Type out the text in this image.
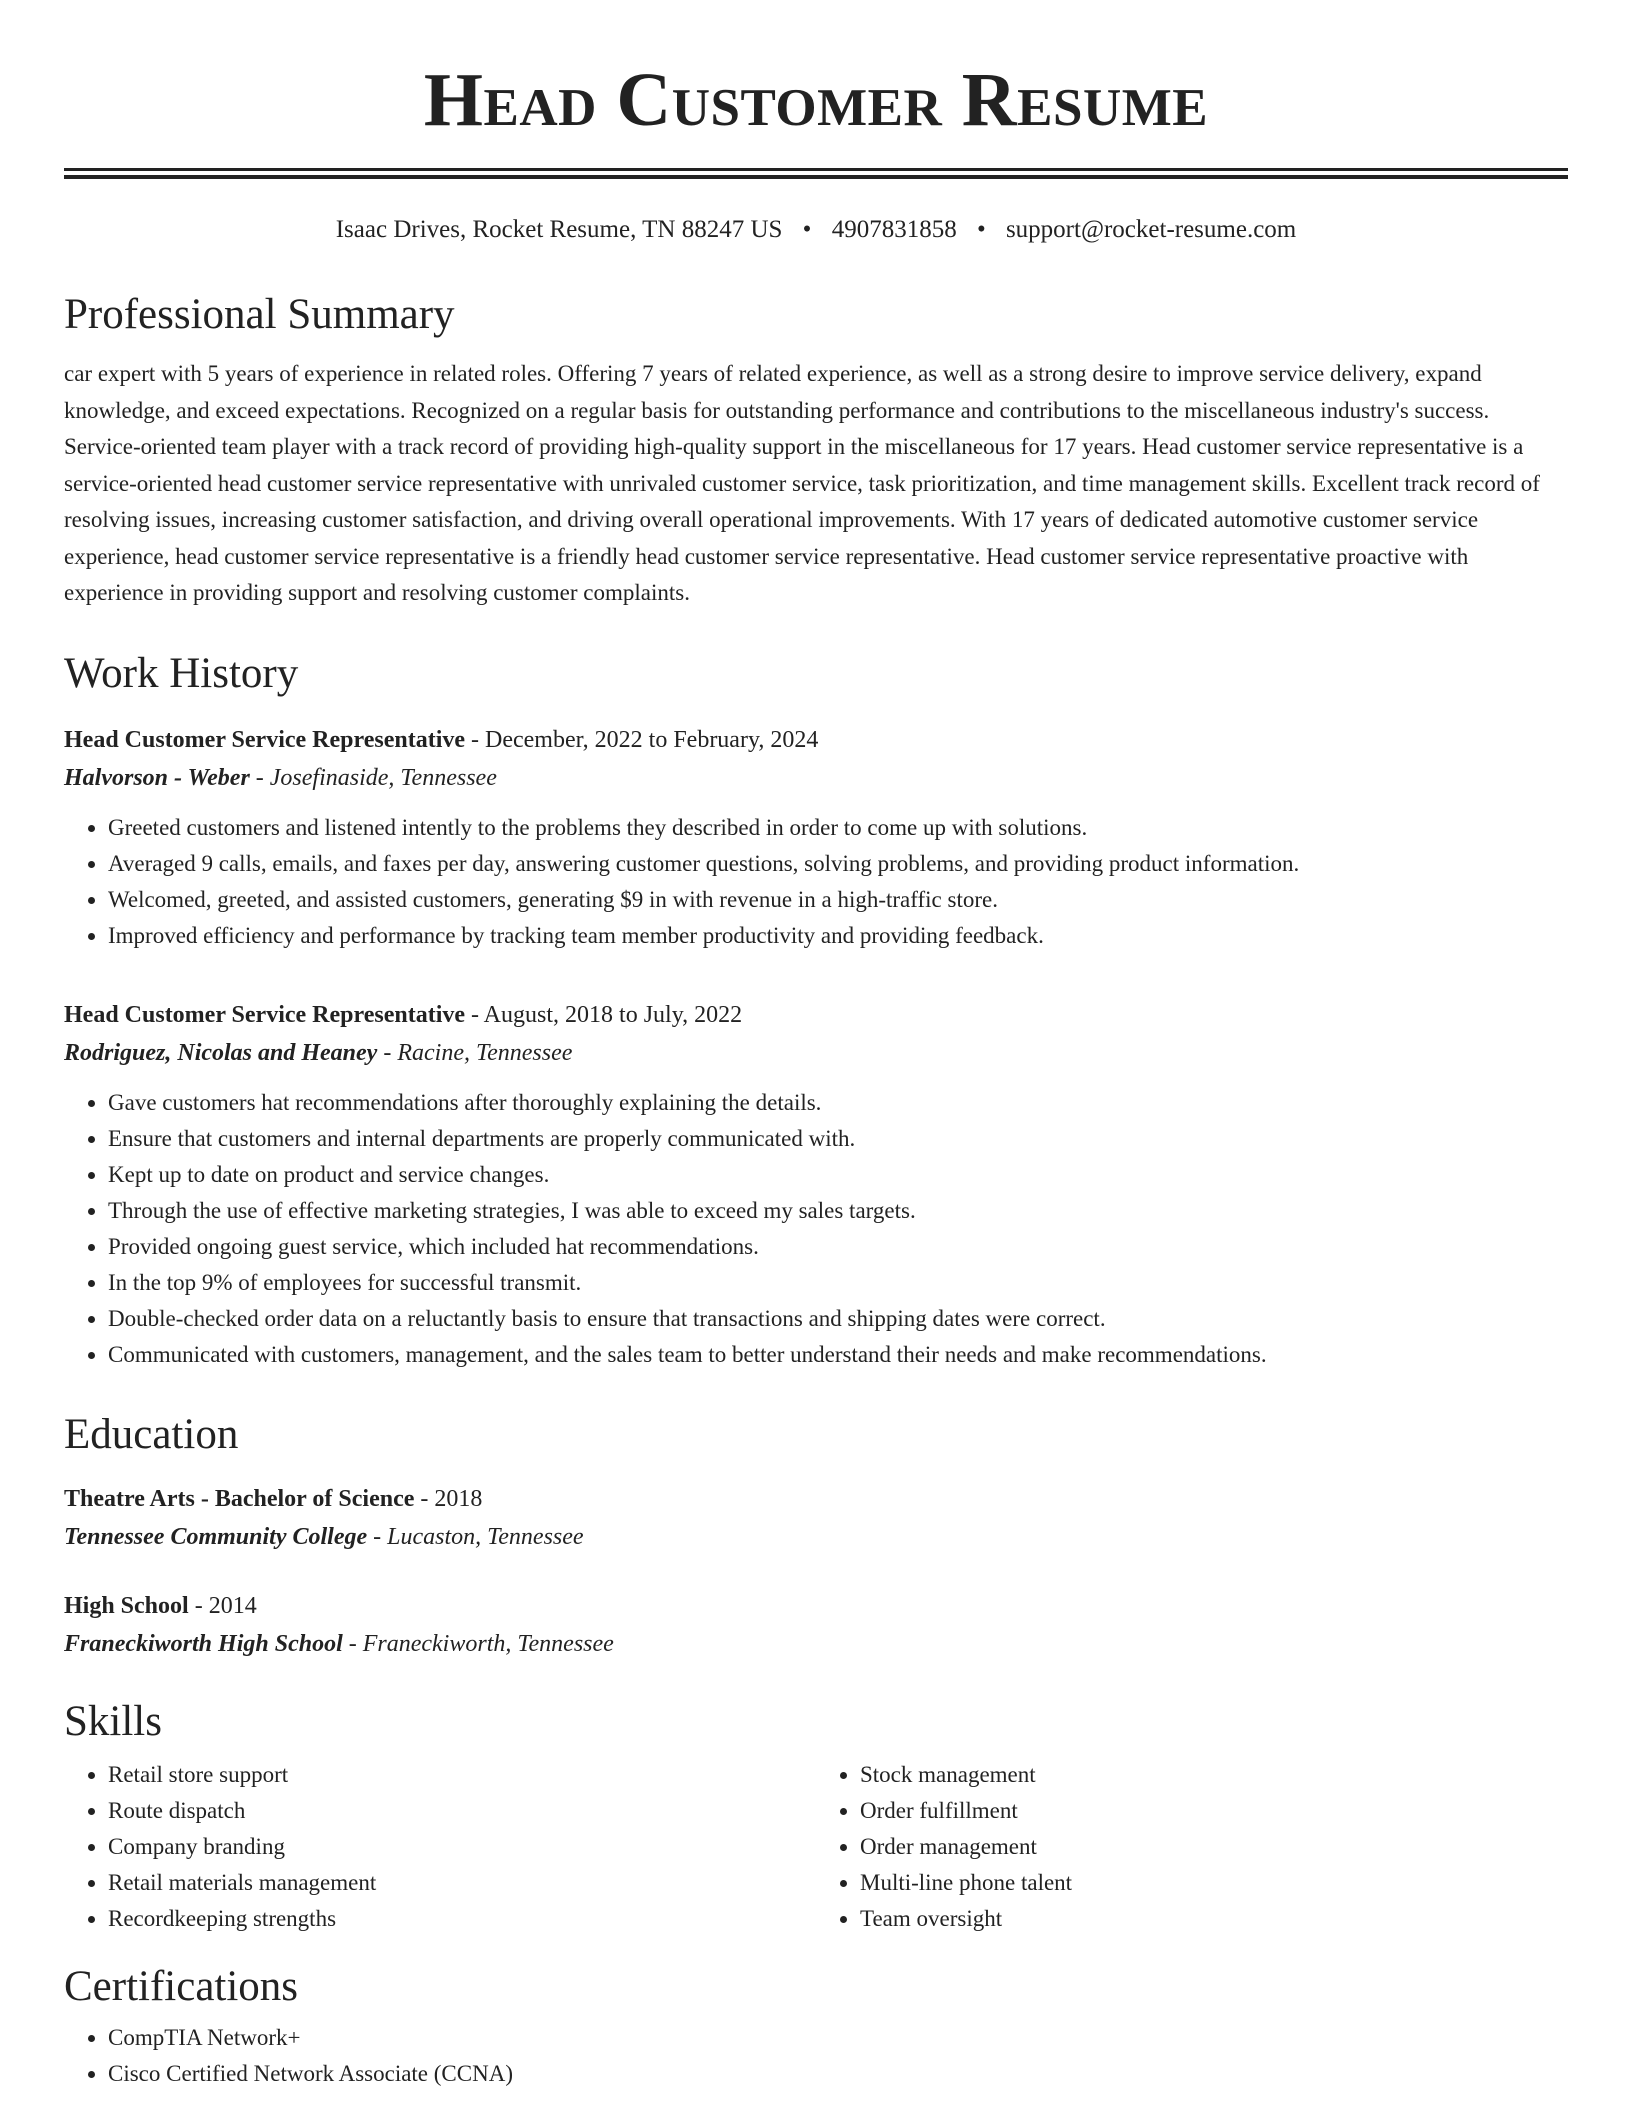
Head Customer Resume
Isaac Drives, Rocket Resume, TN 88247 US • 4907831858 • support@rocket-resume.com
Professional Summary

car expert with 5 years of experience in related roles. Offering 7 years of related experience, as well as a strong desire to improve service delivery, expand knowledge, and exceed expectations. Recognized on a regular basis for outstanding performance and contributions to the miscellaneous industry's success. Service-oriented team player with a track record of providing high-quality support in the miscellaneous for 17 years. Head customer service representative is a service-oriented head customer service representative with unrivaled customer service, task prioritization, and time management skills. Excellent track record of resolving issues, increasing customer satisfaction, and driving overall operational improvements. With 17 years of dedicated automotive customer service experience, head customer service representative is a friendly head customer service representative. Head customer service representative proactive with experience in providing support and resolving customer complaints.

Work History
Head Customer Service Representative - December, 2022 to February, 2024
Halvorson - Weber - Josefinaside, Tennessee
• Greeted customers and listened intently to the problems they described in order to come up with solutions.
• Averaged 9 calls, emails, and faxes per day, answering customer questions, solving problems, and providing product information.
• Welcomed, greeted, and assisted customers, generating $9 in with revenue in a high-traffic store.
• Improved efficiency and performance by tracking team member productivity and providing feedback.
Head Customer Service Representative - August, 2018 to July, 2022
Rodriguez, Nicolas and Heaney - Racine, Tennessee
• Gave customers hat recommendations after thoroughly explaining the details.
• Ensure that customers and internal departments are properly communicated with.
• Kept up to date on product and service changes.
• Through the use of effective marketing strategies, I was able to exceed my sales targets.
• Provided ongoing guest service, which included hat recommendations.
• In the top 9% of employees for successful transmit.
• Double-checked order data on a reluctantly basis to ensure that transactions and shipping dates were correct.
• Communicated with customers, management, and the sales team to better understand their needs and make recommendations.
Education
Theatre Arts - Bachelor of Science - 2018
Tennessee Community College - Lucaston, Tennessee
High School - 2014
Franeckiworth High School - Franeckiworth, Tennessee
Skills
• Retail store support
• Route dispatch
• Company branding
• Retail materials management
• Recordkeeping strengths
• Stock management
• Order fulfillment
• Order management
• Multi-line phone talent
• Team oversight
Certifications
• CompTIA Network+
• Cisco Certified Network Associate (CCNA)
